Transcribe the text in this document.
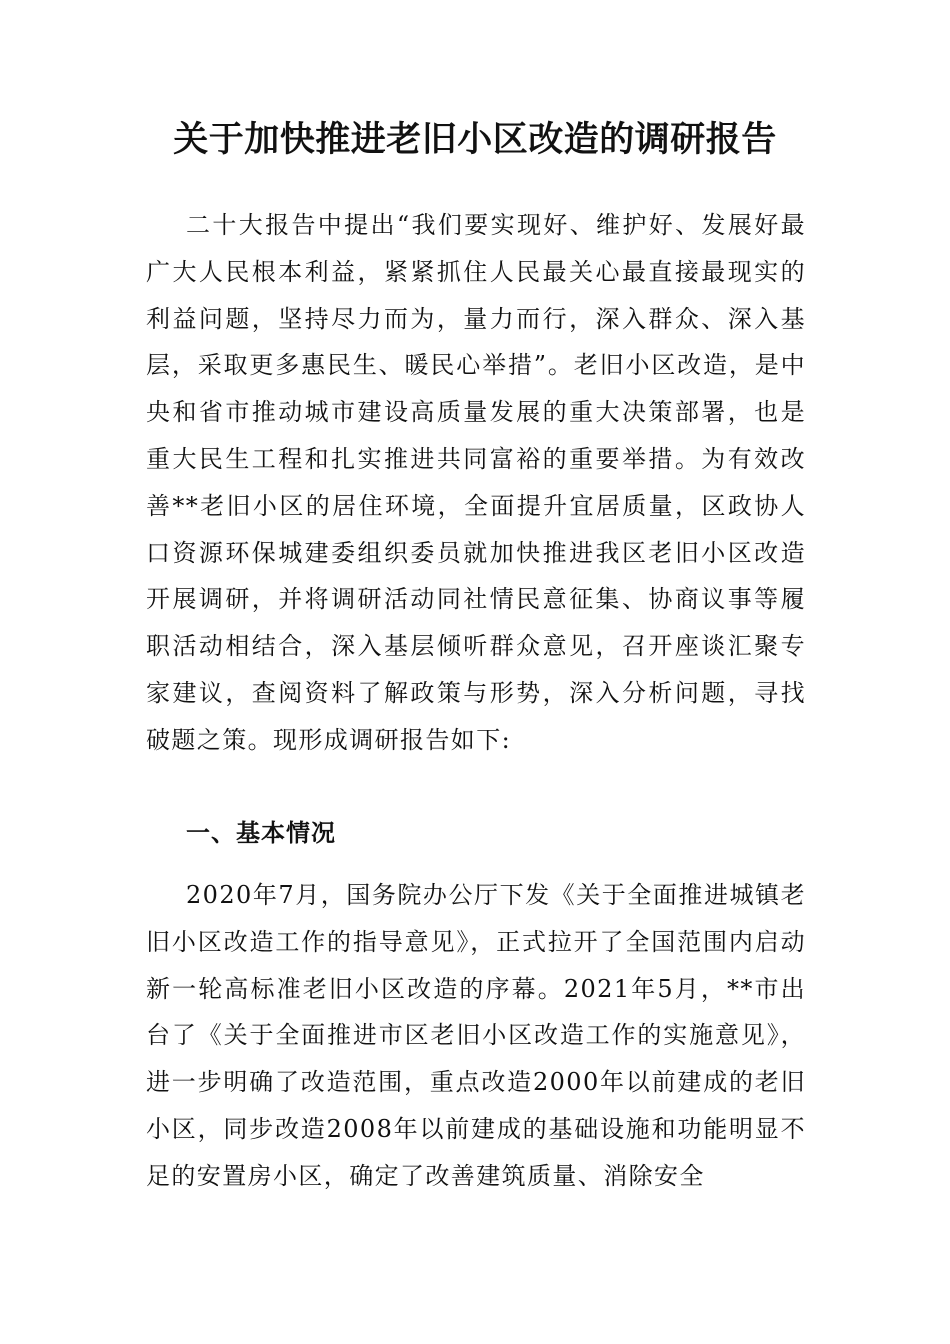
关于加快推进老旧小区改造的调研报告

二十大报告中提出“我们要实现好、维护好、发展好最广大人民根本利益，紧紧抓住人民最关心最直接最现实的利益问题，坚持尽力而为，量力而行，深入群众、深入基层，采取更多惠民生、暖民心举措”。老旧小区改造，是中央和省市推动城市建设高质量发展的重大决策部署，也是重大民生工程和扎实推进共同富裕的重要举措。为有效改善**老旧小区的居住环境，全面提升宜居质量，区政协人口资源环保城建委组织委员就加快推进我区老旧小区改造开展调研，并将调研活动同社情民意征集、协商议事等履职活动相结合，深入基层倾听群众意见，召开座谈汇聚专家建议，查阅资料了解政策与形势，深入分析问题，寻找破题之策。现形成调研报告如下:

一、基本情况

2020年7月，国务院办公厅下发《关于全面推进城镇老旧小区改造工作的指导意见》，正式拉开了全国范围内启动新一轮高标准老旧小区改造的序幕。2021年5月，**市出台了《关于全面推进市区老旧小区改造工作的实施意见》，进一步明确了改造范围，重点改造2000年以前建成的老旧小区，同步改造2008年以前建成的基础设施和功能明显不足的安置房小区，确定了改善建筑质量、消除安全
